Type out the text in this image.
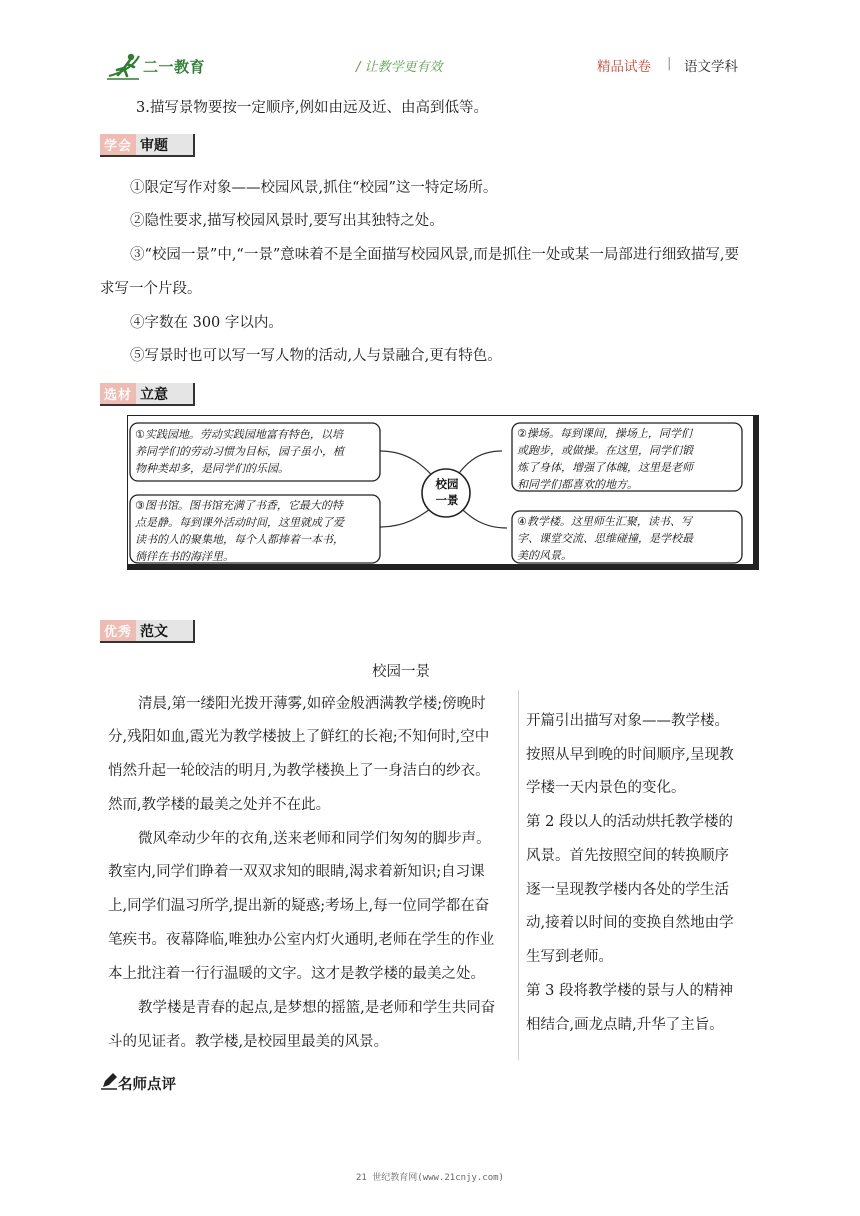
二一教育	/ 让教学更有效	精品试卷 | 语文学科
3.描写景物要按一定顺序,例如由远及近、由高到低等。
学会 审题
①限定写作对象——校园风景,抓住“校园”这一特定场所。
②隐性要求,描写校园风景时,要写出其独特之处。
③“校园一景”中,“一景”意味着不是全面描写校园风景,而是抓住一处或某一局部进行细致描写,要
求写一个片段。
④字数在 300 字以内。
⑤写景时也可以写一写人物的活动,人与景融合,更有特色。
选材 立意
校园
一景
①实践园地。劳动实践园地富有特色，以培
养同学们的劳动习惯为目标，园子虽小，植
物种类却多，是同学们的乐园。
②操场。每到课间，操场上，同学们
或跑步，或做操。在这里，同学们锻
炼了身体，增强了体魄，这里是老师
和同学们都喜欢的地方。
③图书馆。图书馆充满了书香，它最大的特
点是静。每到课外活动时间，这里就成了爱
读书的人的聚集地，每个人都捧着一本书，
徜徉在书的海洋里。
④教学楼。这里师生汇聚，读书、写
字、课堂交流、思维碰撞，是学校最
美的风景。
优秀 范文
校园一景
清晨,第一缕阳光拨开薄雾,如碎金般洒满教学楼;傍晚时
分,残阳如血,霞光为教学楼披上了鲜红的长袍;不知何时,空中
悄然升起一轮皎洁的明月,为教学楼换上了一身洁白的纱衣。
然而,教学楼的最美之处并不在此。
微风牵动少年的衣角,送来老师和同学们匆匆的脚步声。
教室内,同学们睁着一双双求知的眼睛,渴求着新知识;自习课
上,同学们温习所学,提出新的疑惑;考场上,每一位同学都在奋
笔疾书。夜幕降临,唯独办公室内灯火通明,老师在学生的作业
本上批注着一行行温暖的文字。这才是教学楼的最美之处。
教学楼是青春的起点,是梦想的摇篮,是老师和学生共同奋
斗的见证者。教学楼,是校园里最美的风景。
开篇引出描写对象——教学楼。
按照从早到晚的时间顺序,呈现教
学楼一天内景色的变化。
第 2 段以人的活动烘托教学楼的
风景。首先按照空间的转换顺序
逐一呈现教学楼内各处的学生活
动,接着以时间的变换自然地由学
生写到老师。
第 3 段将教学楼的景与人的精神
相结合,画龙点睛,升华了主旨。
名师点评
21 世纪教育网(www.21cnjy.com)
